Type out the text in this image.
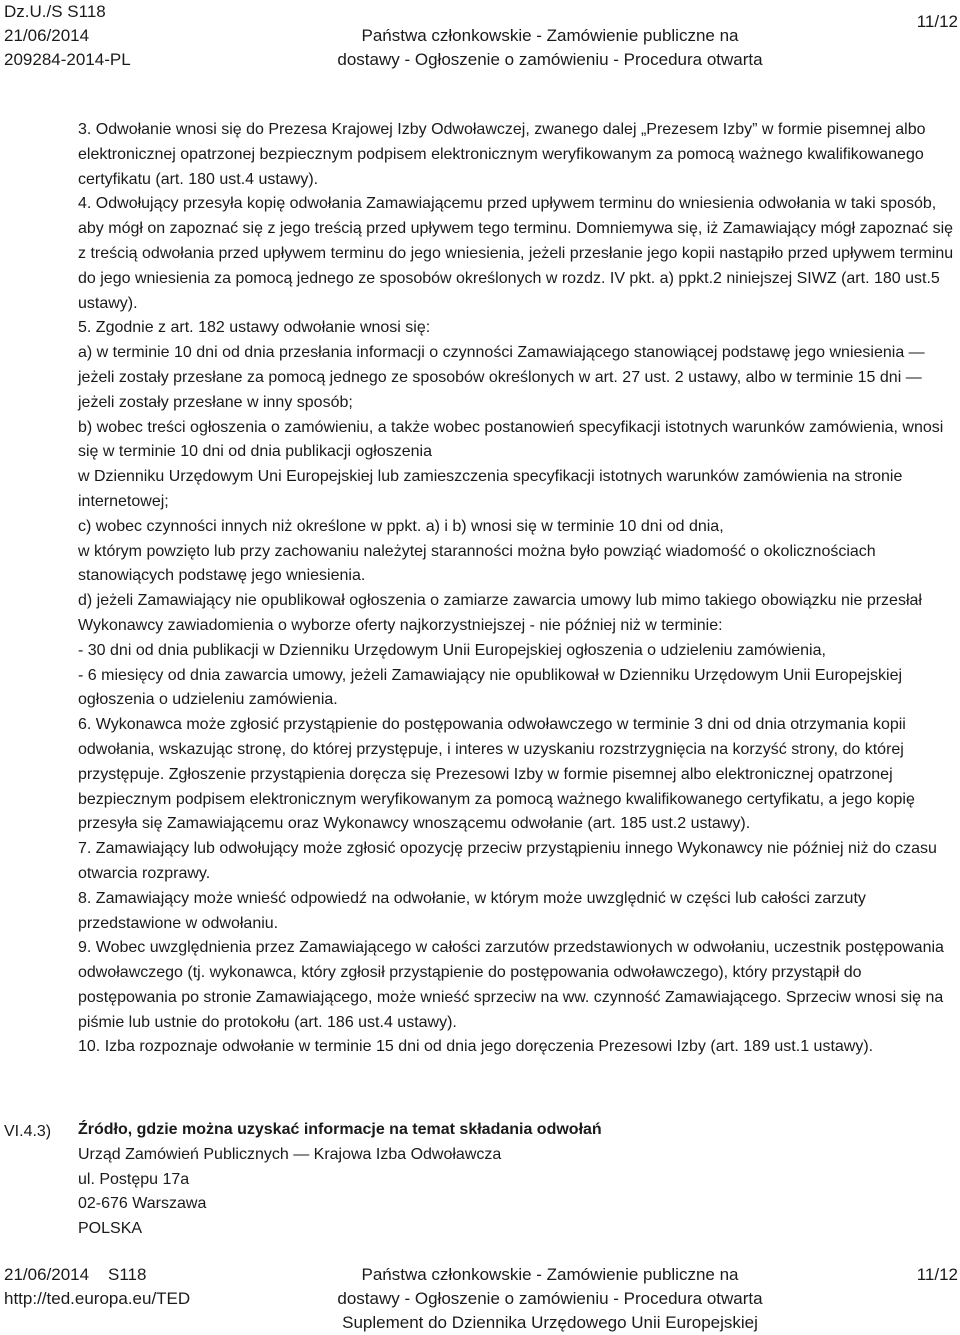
Dz.U./S S118
21/06/2014
209284-2014-PL

Państwa członkowskie - Zamówienie publiczne na
dostawy - Ogłoszenie o zamówieniu - Procedura otwarta
11/12

3. Odwołanie wnosi się do Prezesa Krajowej Izby Odwoławczej, zwanego dalej „Prezesem Izby” w formie pisemnej albo elektronicznej opatrzonej bezpiecznym podpisem elektronicznym weryfikowanym za pomocą ważnego kwalifikowanego certyfikatu (art. 180 ust.4 ustawy).

4. Odwołujący przesyła kopię odwołania Zamawiającemu przed upływem terminu do wniesienia odwołania w taki sposób, aby mógł on zapoznać się z jego treścią przed upływem tego terminu. Domniemywa się, iż Zamawiający mógł zapoznać się z treścią odwołania przed upływem terminu do jego wniesienia, jeżeli przesłanie jego kopii nastąpiło przed upływem terminu do jego wniesienia za pomocą jednego ze sposobów określonych w rozdz. IV pkt. a) ppkt.2 niniejszej SIWZ (art. 180 ust.5 ustawy).

5. Zgodnie z art. 182 ustawy odwołanie wnosi się:

a) w terminie 10 dni od dnia przesłania informacji o czynności Zamawiającego stanowiącej podstawę jego wniesienia — jeżeli zostały przesłane za pomocą jednego ze sposobów określonych w art. 27 ust. 2 ustawy, albo w terminie 15 dni — jeżeli zostały przesłane w inny sposób;

b) wobec treści ogłoszenia o zamówieniu, a także wobec postanowień specyfikacji istotnych warunków zamówienia, wnosi się w terminie 10 dni od dnia publikacji ogłoszenia

w Dzienniku Urzędowym Uni Europejskiej lub zamieszczenia specyfikacji istotnych warunków zamówienia na stronie internetowej;

c) wobec czynności innych niż określone w ppkt. a) i b) wnosi się w terminie 10 dni od dnia,

w którym powzięto lub przy zachowaniu należytej staranności można było powziąć wiadomość o okolicznościach stanowiących podstawę jego wniesienia.

d) jeżeli Zamawiający nie opublikował ogłoszenia o zamiarze zawarcia umowy lub mimo takiego obowiązku nie przesłał Wykonawcy zawiadomienia o wyborze oferty najkorzystniejszej - nie później niż w terminie:

- 30 dni od dnia publikacji w Dzienniku Urzędowym Unii Europejskiej ogłoszenia o udzieleniu zamówienia,

- 6 miesięcy od dnia zawarcia umowy, jeżeli Zamawiający nie opublikował w Dzienniku Urzędowym Unii Europejskiej ogłoszenia o udzieleniu zamówienia.

6. Wykonawca może zgłosić przystąpienie do postępowania odwoławczego w terminie 3 dni od dnia otrzymania kopii odwołania, wskazując stronę, do której przystępuje, i interes w uzyskaniu rozstrzygnięcia na korzyść strony, do której przystępuje. Zgłoszenie przystąpienia doręcza się Prezesowi Izby w formie pisemnej albo elektronicznej opatrzonej bezpiecznym podpisem elektronicznym weryfikowanym za pomocą ważnego kwalifikowanego certyfikatu, a jego kopię przesyła się Zamawiającemu oraz Wykonawcy wnoszącemu odwołanie (art. 185 ust.2 ustawy).

7. Zamawiający lub odwołujący może zgłosić opozycję przeciw przystąpieniu innego Wykonawcy nie później niż do czasu otwarcia rozprawy.

8. Zamawiający może wnieść odpowiedź na odwołanie, w którym może uwzględnić w części lub całości zarzuty przedstawione w odwołaniu.

9. Wobec uwzględnienia przez Zamawiającego w całości zarzutów przedstawionych w odwołaniu, uczestnik postępowania odwoławczego (tj. wykonawca, który zgłosił przystąpienie do postępowania odwoławczego), który przystąpił do postępowania po stronie Zamawiającego, może wnieść sprzeciw na ww. czynność Zamawiającego. Sprzeciw wnosi się na piśmie lub ustnie do protokołu (art. 186 ust.4 ustawy).

10. Izba rozpoznaje odwołanie w terminie 15 dni od dnia jego doręczenia Prezesowi Izby (art. 189 ust.1 ustawy).

VI.4.3) Źródło, gdzie można uzyskać informacje na temat składania odwołań

Urząd Zamówień Publicznych — Krajowa Izba Odwoławcza

ul. Postępu 17a

02-676 Warszawa

POLSKA

21/06/2014    S118
http://ted.europa.eu/TED
Państwa członkowskie - Zamówienie publiczne na
dostawy - Ogłoszenie o zamówieniu - Procedura otwarta
Suplement do Dziennika Urzędowego Unii Europejskiej
11/12
